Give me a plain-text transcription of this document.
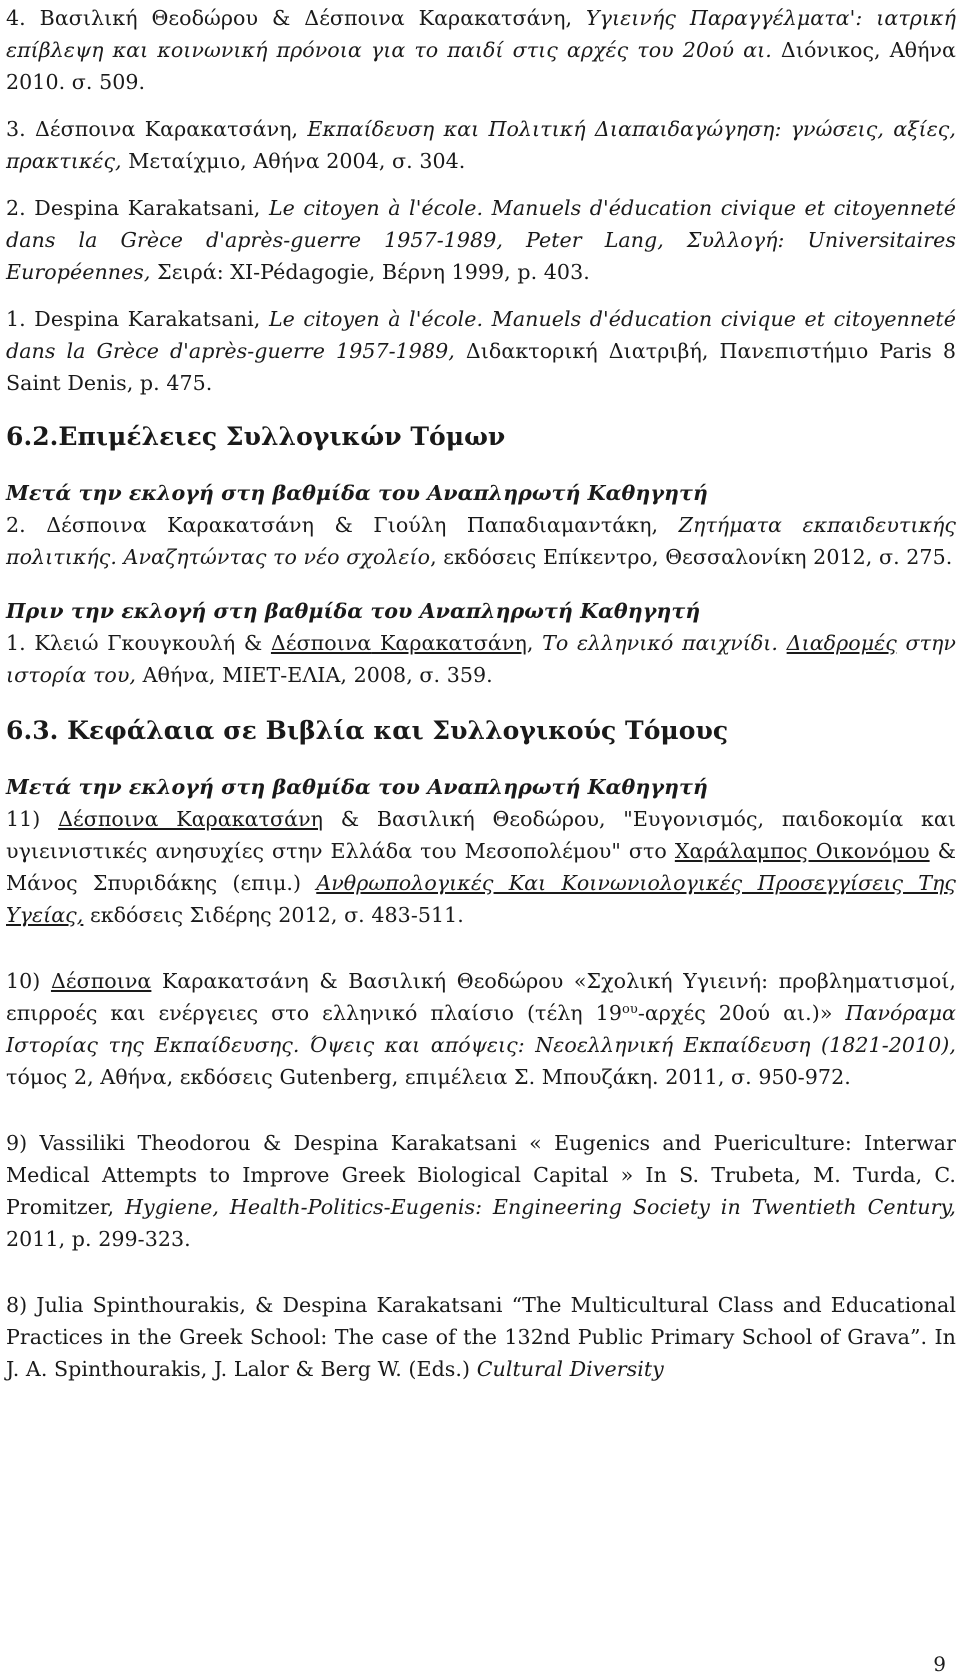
4. Βασιλική Θεοδώρου & Δέσποινα Καρακατσάνη, Υγιεινής Παραγγέλματα': ιατρική επίβλεψη και κοινωνική πρόνοια για το παιδί στις αρχές του 20ού αι. Διόνικος, Αθήνα 2010. σ. 509.

3. Δέσποινα Καρακατσάνη, Εκπαίδευση και Πολιτική Διαπαιδαγώγηση: γνώσεις, αξίες, πρακτικές, Μεταίχμιο, Αθήνα 2004, σ. 304.

2. Despina Karakatsani, Le citoyen à l'école. Manuels d'éducation civique et citoyenneté dans la Grèce d'après-guerre 1957-1989, Peter Lang, Συλλογή: Universitaires Européennes, Σειρά: XI-Pédagogie, Βέρνη 1999, p. 403.

1. Despina Karakatsani, Le citoyen à l'école. Manuels d'éducation civique et citoyenneté dans la Grèce d'après-guerre 1957-1989, Διδακτορική Διατριβή, Πανεπιστήμιο Paris 8 Saint Denis, p. 475.

6.2.Επιμέλειες Συλλογικών Τόμων
Μετά την εκλογή στη βαθμίδα του Αναπληρωτή Καθηγητή

2. Δέσποινα Καρακατσάνη & Γιούλη Παπαδιαμαντάκη, Ζητήματα εκπαιδευτικής πολιτικής. Αναζητώντας το νέο σχολείο, εκδόσεις Επίκεντρο, Θεσσαλονίκη 2012, σ. 275.

Πριν την εκλογή στη βαθμίδα του Αναπληρωτή Καθηγητή

1. Κλειώ Γκουγκουλή & Δέσποινα Καρακατσάνη, Το ελληνικό παιχνίδι. Διαδρομές στην ιστορία του, Αθήνα, ΜΙΕΤ-ΕΛΙΑ, 2008, σ. 359.

6.3. Κεφάλαια σε Βιβλία και Συλλογικούς Τόμους
Μετά την εκλογή στη βαθμίδα του Αναπληρωτή Καθηγητή

11) Δέσποινα Καρακατσάνη & Βασιλική Θεοδώρου, "Ευγονισμός, παιδοκομία και υγιεινιστικές ανησυχίες στην Ελλάδα του Μεσοπολέμου" στο Χαράλαμπος Οικονόμου & Μάνος Σπυριδάκης (επιμ.) Ανθρωπολογικές Και Κοινωνιολογικές Προσεγγίσεις Της Υγείας, εκδόσεις Σιδέρης 2012, σ. 483-511.

10) Δέσποινα Καρακατσάνη & Βασιλική Θεοδώρου «Σχολική Υγιεινή: προβληματισμοί, επιρροές και ενέργειες στο ελληνικό πλαίσιο (τέλη $19^{o\upsilon}$-αρχές 20ού αι.)» Πανόραμα Ιστορίας της Εκπαίδευσης. Όψεις και απόψεις: Νεοελληνική Εκπαίδευση (1821-2010), τόμος 2, Αθήνα, εκδόσεις Gutenberg, επιμέλεια Σ. Μπουζάκη. 2011, σ. 950-972.

9) Vassiliki Theodorou & Despina Karakatsani « Eugenics and Puericulture: Interwar Medical Attempts to Improve Greek Biological Capital » In S. Trubeta, M. Turda, C. Promitzer, Hygiene, Health-Politics-Eugenis: Engineering Society in Twentieth Century, 2011, p. 299-323.

8) Julia Spinthourakis, & Despina Karakatsani “The Multicultural Class and Educational Practices in the Greek School: The case of the 132nd Public Primary School of Grava”. In J. A. Spinthourakis, J. Lalor & Berg W. (Eds.) Cultural Diversity

9
